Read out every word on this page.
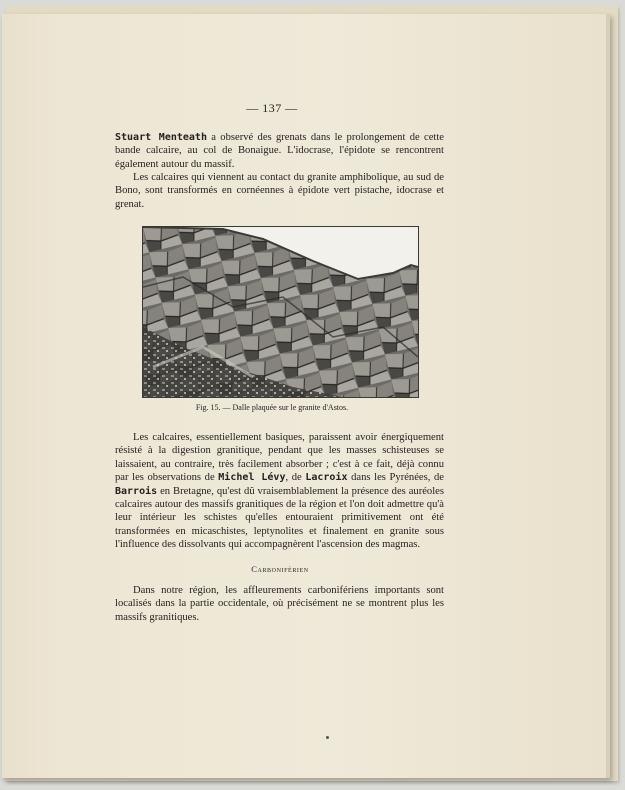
— 137 —

Stuart Menteath a observé des grenats dans le prolongement de cette bande calcaire, au col de Bonaigue. L'idocrase, l'épidote se rencontrent également autour du massif.

Les calcaires qui viennent au contact du granite amphibolique, au sud de Bono, sont transformés en cornéennes à épidote vert pistache, idocrase et grenat.

Fig. 15. — Dalle plaquée sur le granite d'Astos.

Les calcaires, essentiellement basiques, paraissent avoir énergiquement résisté à la digestion granitique, pendant que les masses schisteuses se laissaient, au contraire, très facilement absorber ; c'est à ce fait, déjà connu par les observations de Michel Lévy, de Lacroix dans les Pyrénées, de Barrois en Bretagne, qu'est dû vraisemblablement la présence des auréoles calcaires autour des massifs granitiques de la région et l'on doit admettre qu'à leur intérieur les schistes qu'elles entouraient primitivement ont été transformées en micaschistes, leptynolites et finalement en granite sous l'influence des dissolvants qui accompagnèrent l'ascension des magmas.

Carbonifèrien

Dans notre région, les affleurements carbonifériens importants sont localisés dans la partie occidentale, où précisément ne se montrent plus les massifs granitiques.
